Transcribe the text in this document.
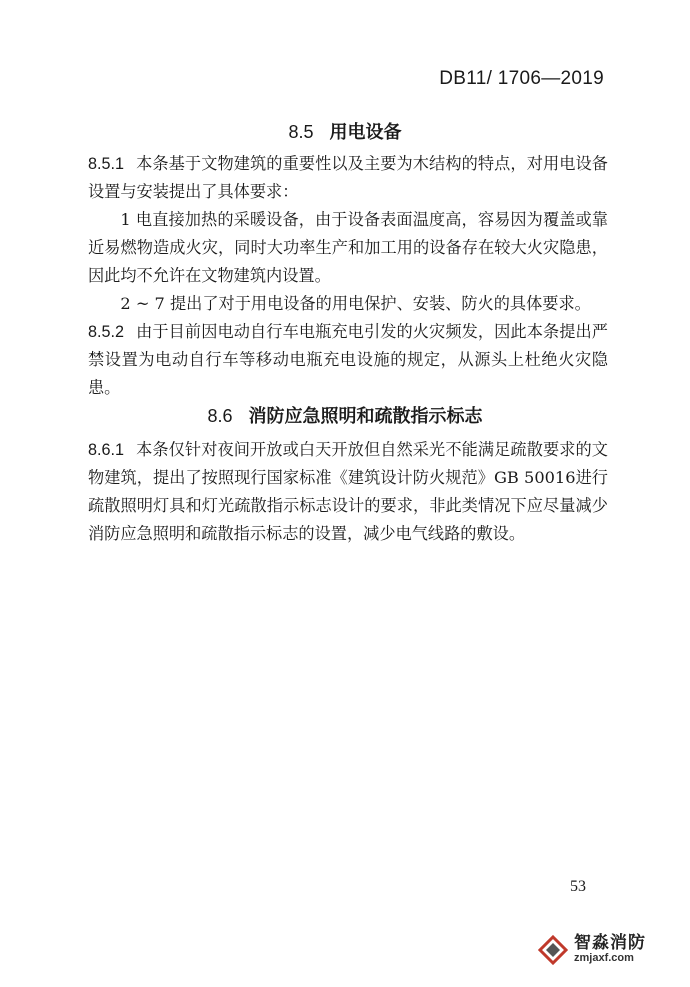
DB11/ 1706—2019
8.5 用电设备

8.5.1 本条基于文物建筑的重要性以及主要为木结构的特点，对用电设备设置与安装提出了具体要求：

1 电直接加热的采暖设备，由于设备表面温度高，容易因为覆盖或靠近易燃物造成火灾，同时大功率生产和加工用的设备存在较大火灾隐患，因此均不允许在文物建筑内设置。

2 ~ 7 提出了对于用电设备的用电保护、安装、防火的具体要求。

8.5.2 由于目前因电动自行车电瓶充电引发的火灾频发，因此本条提出严禁设置为电动自行车等移动电瓶充电设施的规定，从源头上杜绝火灾隐患。

8.6 消防应急照明和疏散指示标志

8.6.1 本条仅针对夜间开放或白天开放但自然采光不能满足疏散要求的文物建筑，提出了按照现行国家标准《建筑设计防火规范》GB 50016进行疏散照明灯具和灯光疏散指示标志设计的要求，非此类情况下应尽量减少消防应急照明和疏散指示标志的设置，减少电气线路的敷设。

53
智淼消防
zmjaxf.com
